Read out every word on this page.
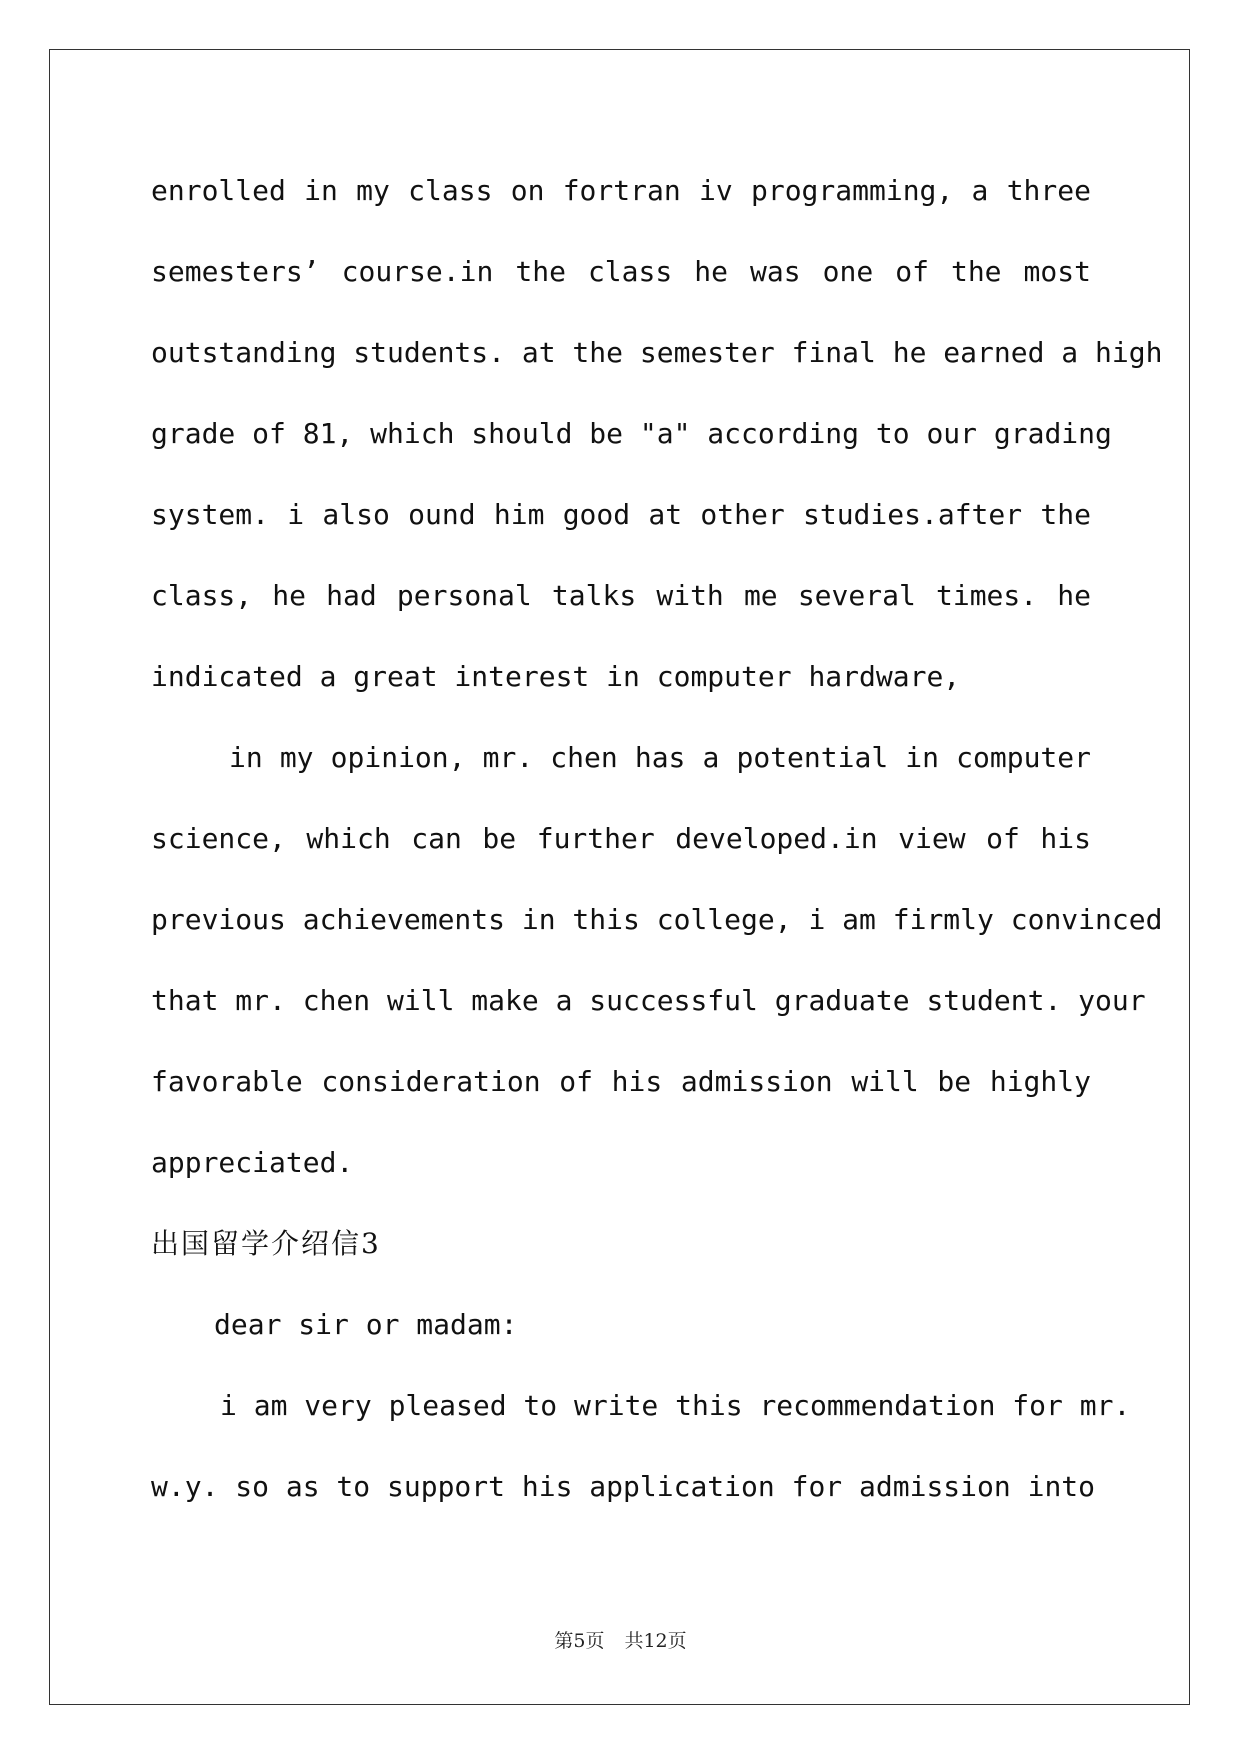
enrolled in my class on fortran iv programming, a three

semesters’ course.in the class he was one of the most

outstanding students. at the semester final he earned a high

grade of 81, which should be "a" according to our grading

system. i also ound him good at other studies.after the

class, he had personal talks with me several times. he

indicated a great interest in computer hardware,

in my opinion, mr. chen has a potential in computer

science, which can be further developed.in view of his

previous achievements in this college, i am firmly convinced

that mr. chen will make a successful graduate student. your

favorable consideration of his admission will be highly

appreciated.

出国留学介绍信3

dear sir or madam:

i am very pleased to write this recommendation for mr.

w.y. so as to support his application for admission into

第5页 共12页
